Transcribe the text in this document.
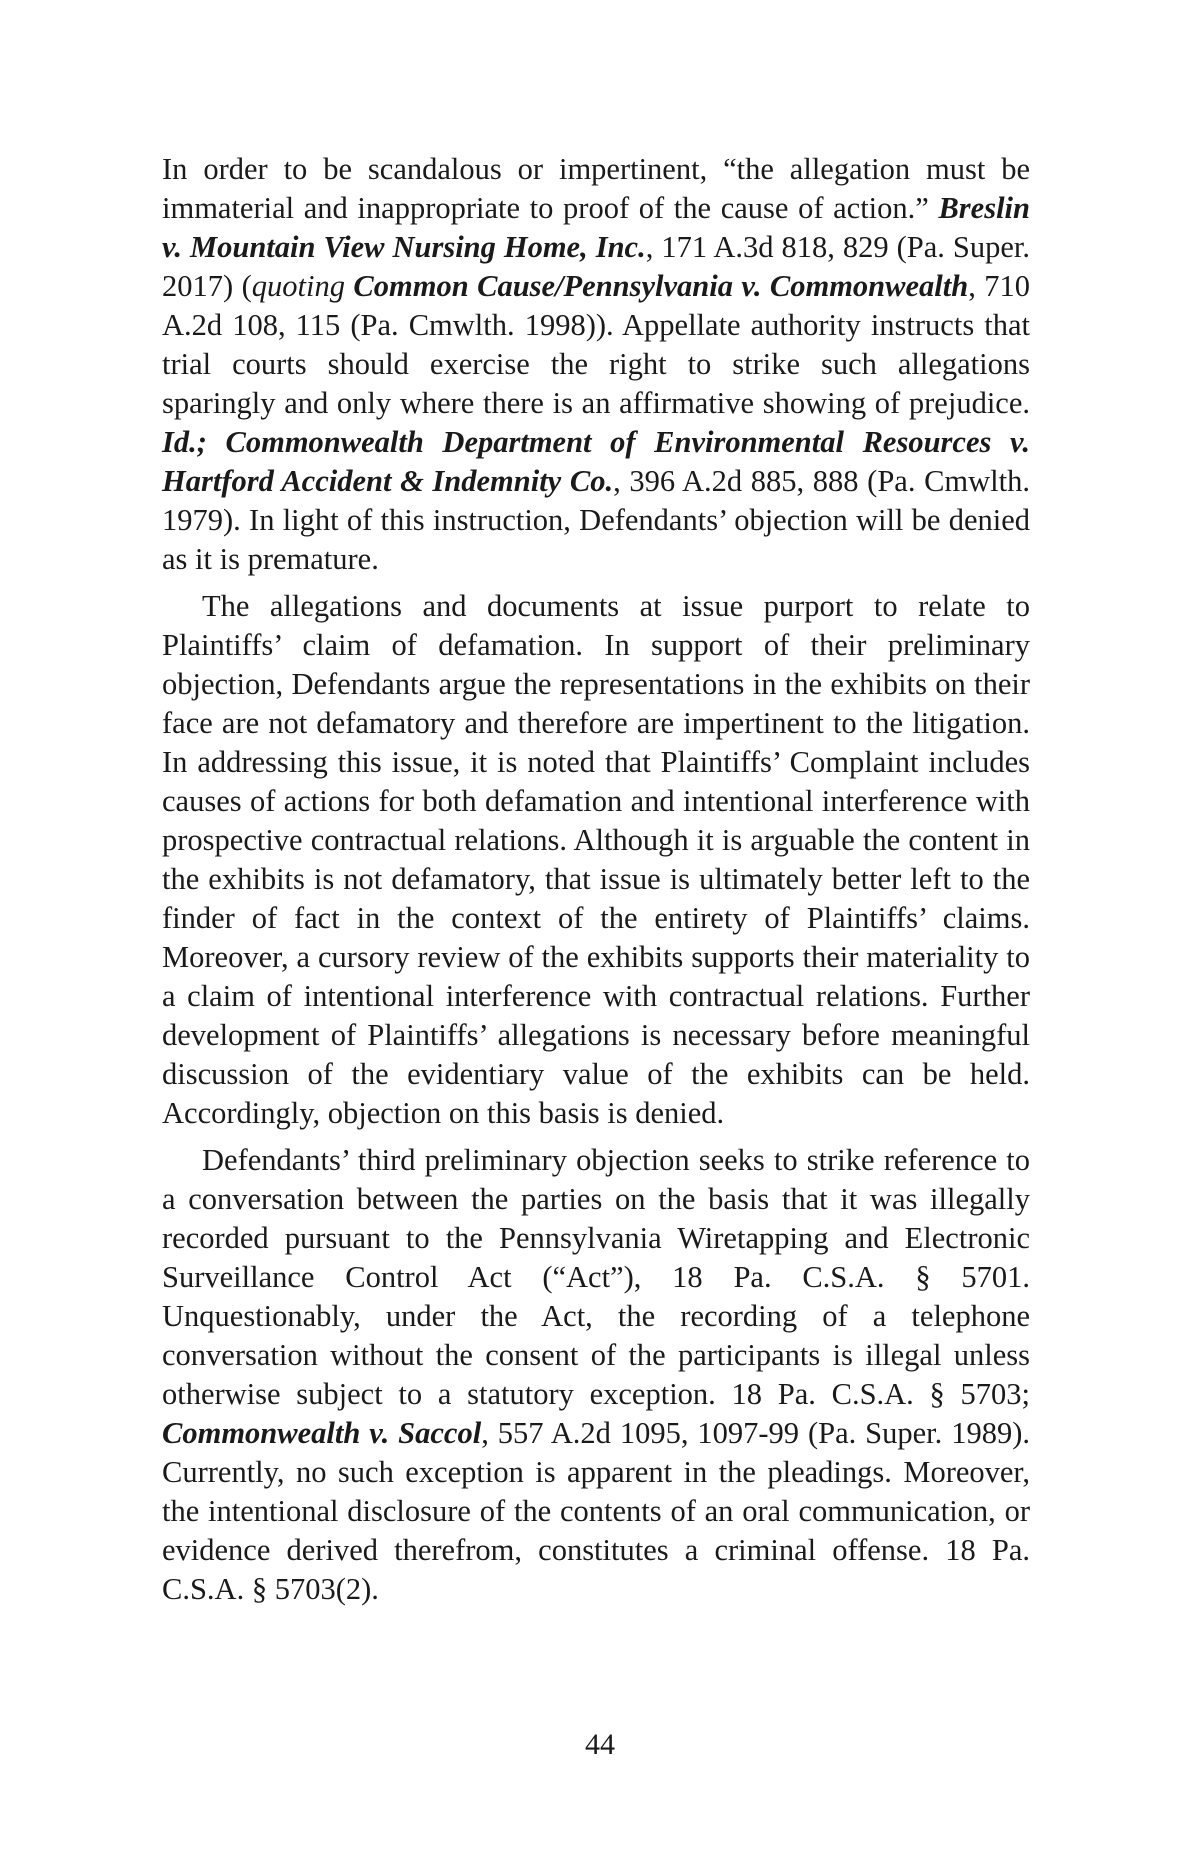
In order to be scandalous or impertinent, “the allegation must be immaterial and inappropriate to proof of the cause of action.” Breslin v. Mountain View Nursing Home, Inc., 171 A.3d 818, 829 (Pa. Super. 2017) (quoting Common Cause/Pennsylvania v. Commonwealth, 710 A.2d 108, 115 (Pa. Cmwlth. 1998)). Appellate authority instructs that trial courts should exercise the right to strike such allegations sparingly and only where there is an affirmative showing of prejudice. Id.; Commonwealth Department of Environmental Resources v. Hartford Accident & Indemnity Co., 396 A.2d 885, 888 (Pa. Cmwlth. 1979). In light of this instruction, Defendants’ objection will be denied as it is premature.

The allegations and documents at issue purport to relate to Plaintiffs’ claim of defamation. In support of their preliminary objection, Defendants argue the representations in the exhibits on their face are not defamatory and therefore are impertinent to the litigation. In addressing this issue, it is noted that Plaintiffs’ Complaint includes causes of actions for both defamation and intentional interference with prospective contractual relations. Although it is arguable the content in the exhibits is not defamatory, that issue is ultimately better left to the finder of fact in the context of the entirety of Plaintiffs’ claims. Moreover, a cursory review of the exhibits supports their materiality to a claim of intentional interference with contractual relations. Further development of Plaintiffs’ allegations is necessary before meaningful discussion of the evidentiary value of the exhibits can be held. Accordingly, objection on this basis is denied.

Defendants’ third preliminary objection seeks to strike reference to a conversation between the parties on the basis that it was illegally recorded pursuant to the Pennsylvania Wiretapping and Electronic Surveillance Control Act (“Act”), 18 Pa. C.S.A. § 5701. Unquestionably, under the Act, the recording of a telephone conversation without the consent of the participants is illegal unless otherwise subject to a statutory exception. 18 Pa. C.S.A. § 5703; Commonwealth v. Saccol, 557 A.2d 1095, 1097-99 (Pa. Super. 1989). Currently, no such exception is apparent in the pleadings. Moreover, the intentional disclosure of the contents of an oral communication, or evidence derived therefrom, constitutes a criminal offense. 18 Pa. C.S.A. § 5703(2).

44
